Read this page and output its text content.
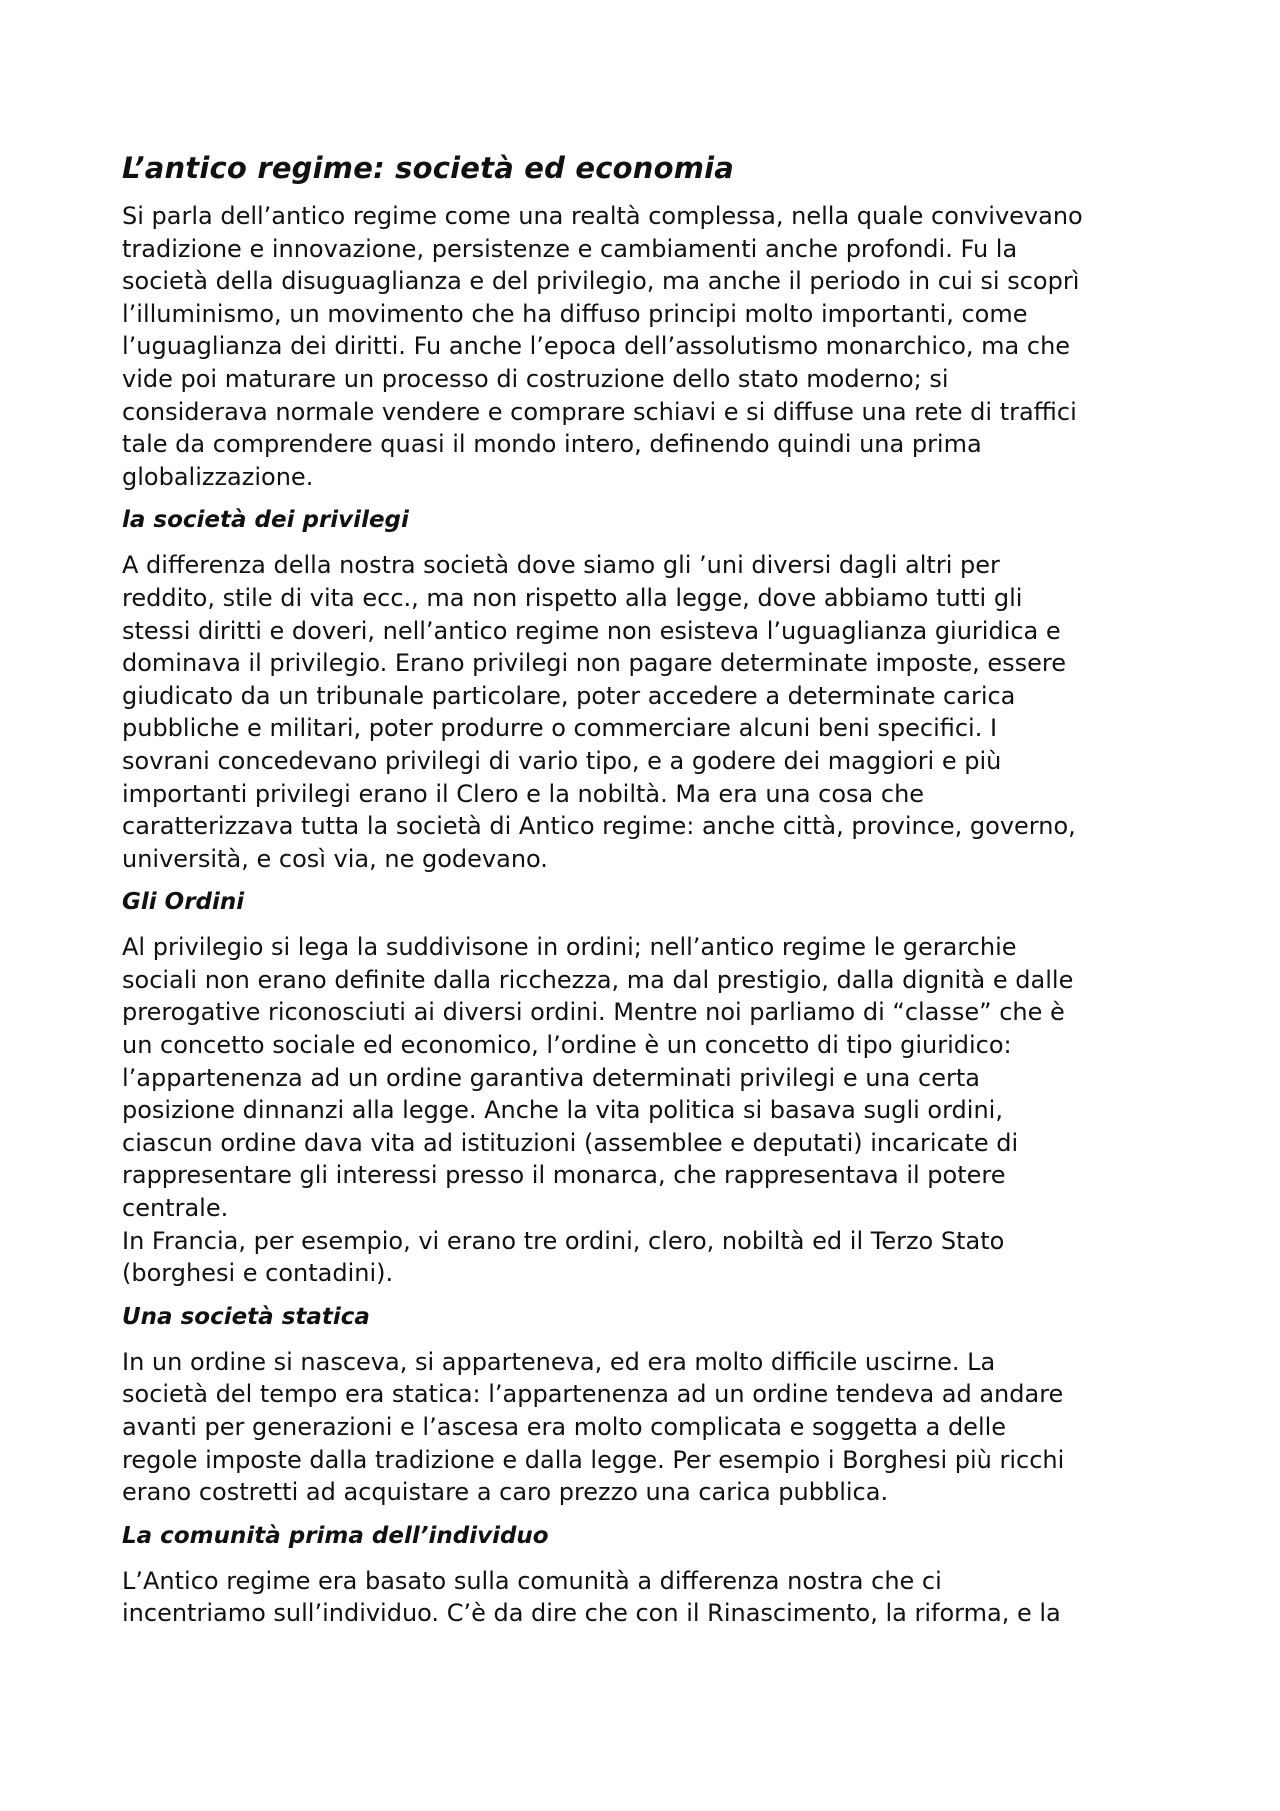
L’antico regime: società ed economia

Si parla dell’antico regime come una realtà complessa, nella quale convivevano
tradizione e innovazione, persistenze e cambiamenti anche profondi. Fu la
società della disuguaglianza e del privilegio, ma anche il periodo in cui si scoprì
l’illuminismo, un movimento che ha diffuso principi molto importanti, come
l’uguaglianza dei diritti. Fu anche l’epoca dell’assolutismo monarchico, ma che
vide poi maturare un processo di costruzione dello stato moderno; si
considerava normale vendere e comprare schiavi e si diffuse una rete di traffici
tale da comprendere quasi il mondo intero, definendo quindi una prima
globalizzazione.

la società dei privilegi

A differenza della nostra società dove siamo gli ’uni diversi dagli altri per
reddito, stile di vita ecc., ma non rispetto alla legge, dove abbiamo tutti gli
stessi diritti e doveri, nell’antico regime non esisteva l’uguaglianza giuridica e
dominava il privilegio. Erano privilegi non pagare determinate imposte, essere
giudicato da un tribunale particolare, poter accedere a determinate carica
pubbliche e militari, poter produrre o commerciare alcuni beni specifici. I
sovrani concedevano privilegi di vario tipo, e a godere dei maggiori e più
importanti privilegi erano il Clero e la nobiltà. Ma era una cosa che
caratterizzava tutta la società di Antico regime: anche città, province, governo,
università, e così via, ne godevano.

Gli Ordini

Al privilegio si lega la suddivisone in ordini; nell’antico regime le gerarchie
sociali non erano definite dalla ricchezza, ma dal prestigio, dalla dignità e dalle
prerogative riconosciuti ai diversi ordini. Mentre noi parliamo di “classe” che è
un concetto sociale ed economico, l’ordine è un concetto di tipo giuridico:
l’appartenenza ad un ordine garantiva determinati privilegi e una certa
posizione dinnanzi alla legge. Anche la vita politica si basava sugli ordini,
ciascun ordine dava vita ad istituzioni (assemblee e deputati) incaricate di
rappresentare gli interessi presso il monarca, che rappresentava il potere
centrale.
In Francia, per esempio, vi erano tre ordini, clero, nobiltà ed il Terzo Stato
(borghesi e contadini).

Una società statica

In un ordine si nasceva, si apparteneva, ed era molto difficile uscirne. La
società del tempo era statica: l’appartenenza ad un ordine tendeva ad andare
avanti per generazioni e l’ascesa era molto complicata e soggetta a delle
regole imposte dalla tradizione e dalla legge. Per esempio i Borghesi più ricchi
erano costretti ad acquistare a caro prezzo una carica pubblica.

La comunità prima dell’individuo

L’Antico regime era basato sulla comunità a differenza nostra che ci
incentriamo sull’individuo. C’è da dire che con il Rinascimento, la riforma, e la
